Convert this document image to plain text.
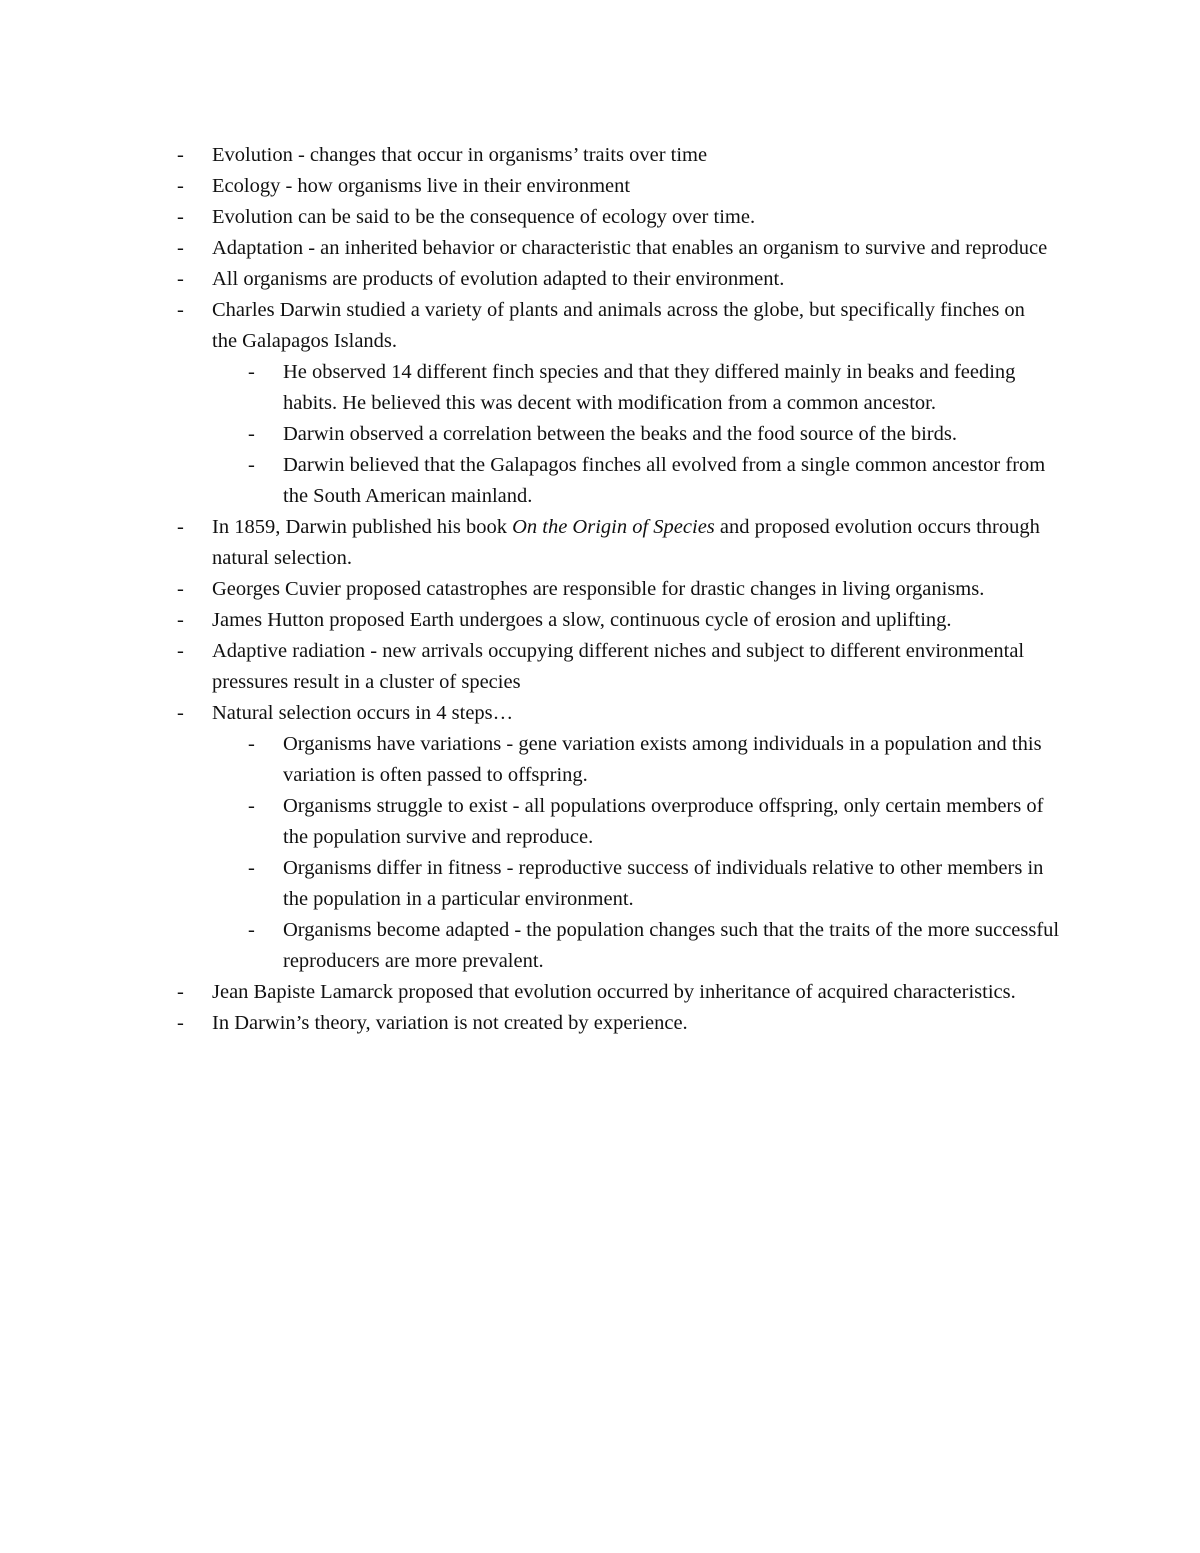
- Evolution - changes that occur in organisms’ traits over time
- Ecology - how organisms live in their environment
- Evolution can be said to be the consequence of ecology over time.
- Adaptation - an inherited behavior or characteristic that enables an organism to survive and reproduce
- All organisms are products of evolution adapted to their environment.
- Charles Darwin studied a variety of plants and animals across the globe, but specifically finches on the Galapagos Islands.
- He observed 14 different finch species and that they differed mainly in beaks and feeding habits. He believed this was decent with modification from a common ancestor.
- Darwin observed a correlation between the beaks and the food source of the birds.
- Darwin believed that the Galapagos finches all evolved from a single common ancestor from the South American mainland.
- In 1859, Darwin published his book On the Origin of Species and proposed evolution occurs through natural selection.
- Georges Cuvier proposed catastrophes are responsible for drastic changes in living organisms.
- James Hutton proposed Earth undergoes a slow, continuous cycle of erosion and uplifting.
- Adaptive radiation - new arrivals occupying different niches and subject to different environmental pressures result in a cluster of species
- Natural selection occurs in 4 steps…
- Organisms have variations - gene variation exists among individuals in a population and this variation is often passed to offspring.
- Organisms struggle to exist - all populations overproduce offspring, only certain members of the population survive and reproduce.
- Organisms differ in fitness - reproductive success of individuals relative to other members in the population in a particular environment.
- Organisms become adapted - the population changes such that the traits of the more successful reproducers are more prevalent.
- Jean Bapiste Lamarck proposed that evolution occurred by inheritance of acquired characteristics.
- In Darwin’s theory, variation is not created by experience.
